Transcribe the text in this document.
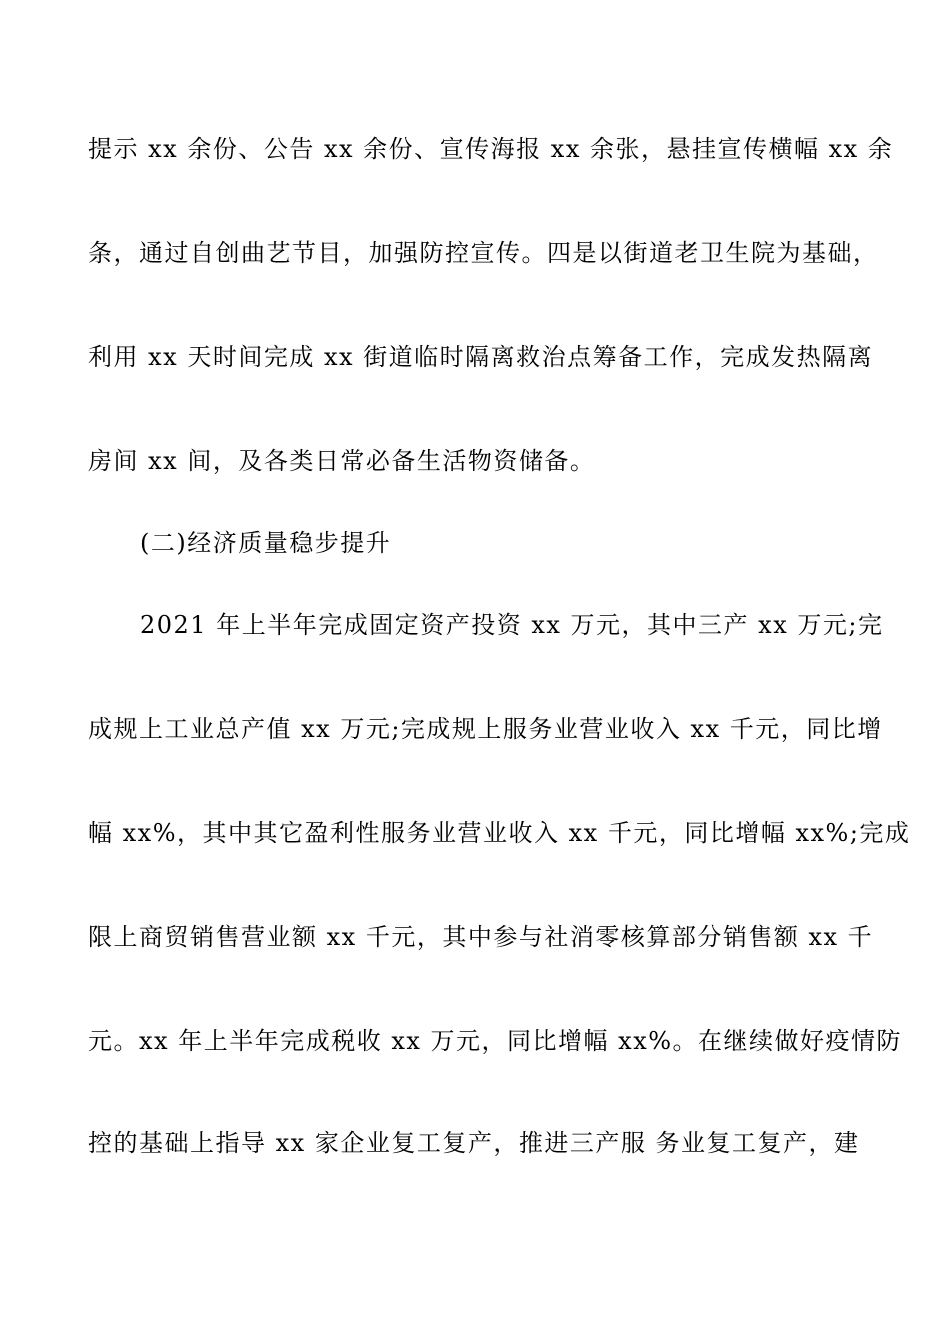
提示 xx 余份、公告 xx 余份、宣传海报 xx 余张，悬挂宣传横幅 xx 余
条，通过自创曲艺节目，加强防控宣传。四是以街道老卫生院为基础，
利用 xx 天时间完成 xx 街道临时隔离救治点筹备工作，完成发热隔离
房间 xx 间，及各类日常必备生活物资储备。
(二)经济质量稳步提升
2021 年上半年完成固定资产投资 xx 万元，其中三产 xx 万元;完
成规上工业总产值 xx 万元;完成规上服务业营业收入 xx 千元，同比增
幅 xx%，其中其它盈利性服务业营业收入 xx 千元，同比增幅 xx%;完成
限上商贸销售营业额 xx 千元，其中参与社消零核算部分销售额 xx 千
元。xx 年上半年完成税收 xx 万元，同比增幅 xx%。在继续做好疫情防
控的基础上指导 xx 家企业复工复产，推进三产服 务业复工复产，建
